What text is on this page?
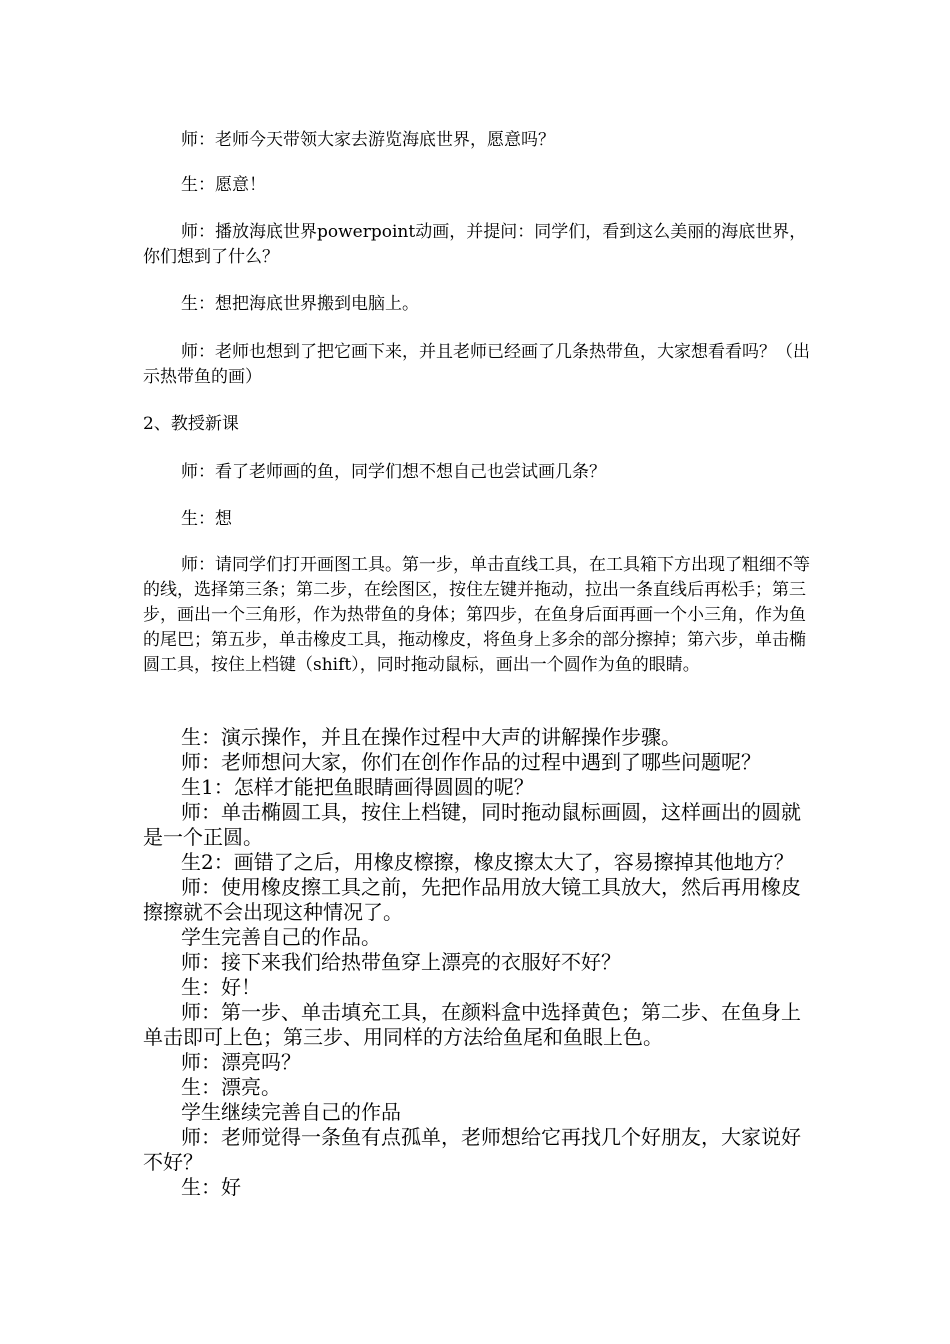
师：老师今天带领大家去游览海底世界，愿意吗？

生：愿意！

师：播放海底世界powerpoint动画，并提问：同学们，看到这么美丽的海底世界，你们想到了什么？

生：想把海底世界搬到电脑上。

师：老师也想到了把它画下来，并且老师已经画了几条热带鱼，大家想看看吗？（出示热带鱼的画）

2、教授新课

师：看了老师画的鱼，同学们想不想自己也尝试画几条？

生：想

师：请同学们打开画图工具。第一步，单击直线工具，在工具箱下方出现了粗细不等的线，选择第三条；第二步，在绘图区，按住左键并拖动，拉出一条直线后再松手；第三步，画出一个三角形，作为热带鱼的身体；第四步，在鱼身后面再画一个小三角，作为鱼的尾巴；第五步，单击橡皮工具，拖动橡皮，将鱼身上多余的部分擦掉；第六步，单击椭圆工具，按住上档键（shift），同时拖动鼠标，画出一个圆作为鱼的眼睛。

生：演示操作，并且在操作过程中大声的讲解操作步骤。
师：老师想问大家，你们在创作作品的过程中遇到了哪些问题呢？
生1：怎样才能把鱼眼睛画得圆圆的呢？
师：单击椭圆工具，按住上档键，同时拖动鼠标画圆，这样画出的圆就是一个正圆。
生2：画错了之后，用橡皮檫擦，橡皮擦太大了，容易擦掉其他地方？
师：使用橡皮擦工具之前，先把作品用放大镜工具放大，然后再用橡皮擦擦就不会出现这种情况了。
学生完善自己的作品。
师：接下来我们给热带鱼穿上漂亮的衣服好不好？
生：好！
师：第一步、单击填充工具，在颜料盒中选择黄色；第二步、在鱼身上单击即可上色；第三步、用同样的方法给鱼尾和鱼眼上色。
师：漂亮吗？
生：漂亮。
学生继续完善自己的作品
师：老师觉得一条鱼有点孤单，老师想给它再找几个好朋友，大家说好不好？
生：好
